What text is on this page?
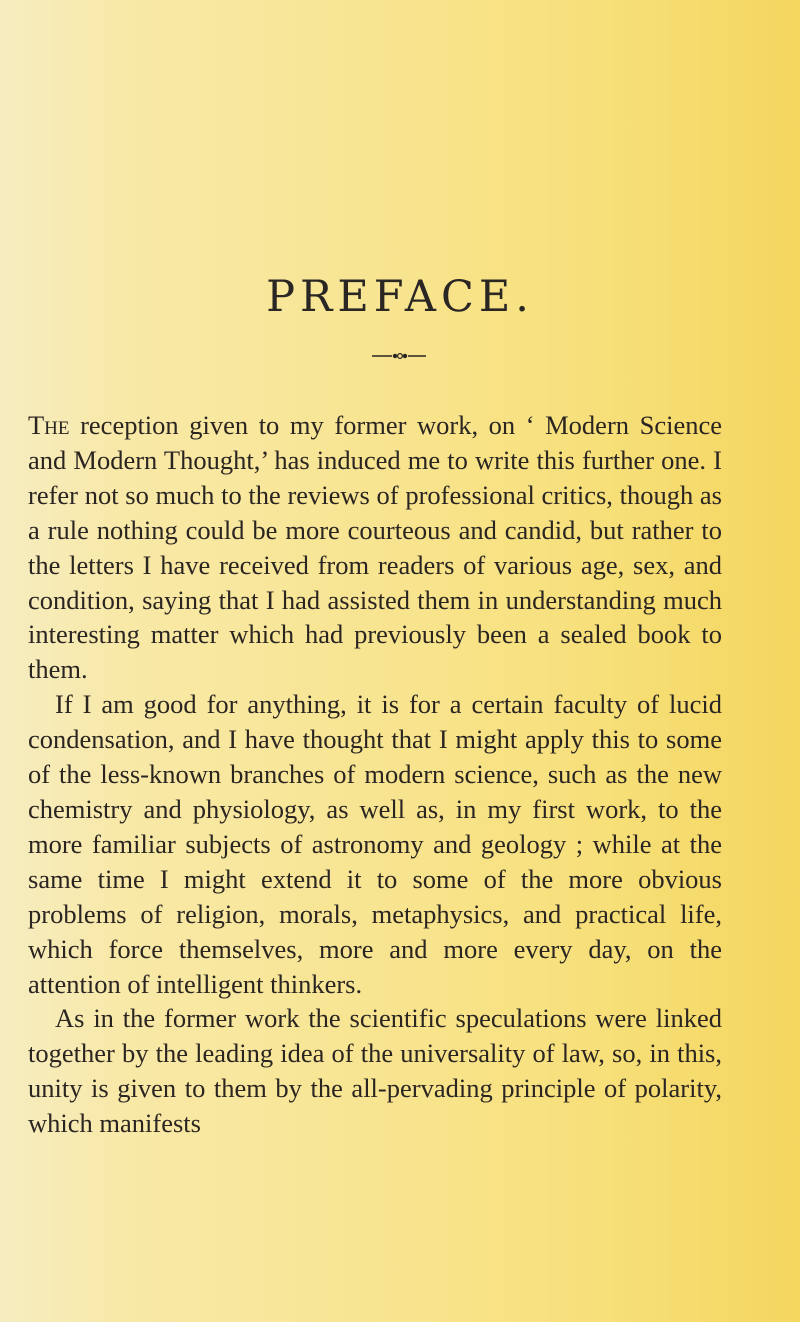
PREFACE.

The reception given to my former work, on ‘ Modern Science and Modern Thought,’ has induced me to write this further one. I refer not so much to the reviews of professional critics, though as a rule nothing could be more courteous and candid, but rather to the letters I have received from readers of various age, sex, and condition, saying that I had assisted them in understanding much interesting matter which had previously been a sealed book to them.

If I am good for anything, it is for a certain faculty of lucid condensation, and I have thought that I might apply this to some of the less-known branches of modern science, such as the new chemistry and physiology, as well as, in my first work, to the more familiar subjects of astronomy and geology ; while at the same time I might extend it to some of the more obvious problems of religion, morals, metaphysics, and practical life, which force themselves, more and more every day, on the attention of intelligent thinkers.

As in the former work the scientific speculations were linked together by the leading idea of the universality of law, so, in this, unity is given to them by the all-pervading principle of polarity, which manifests
